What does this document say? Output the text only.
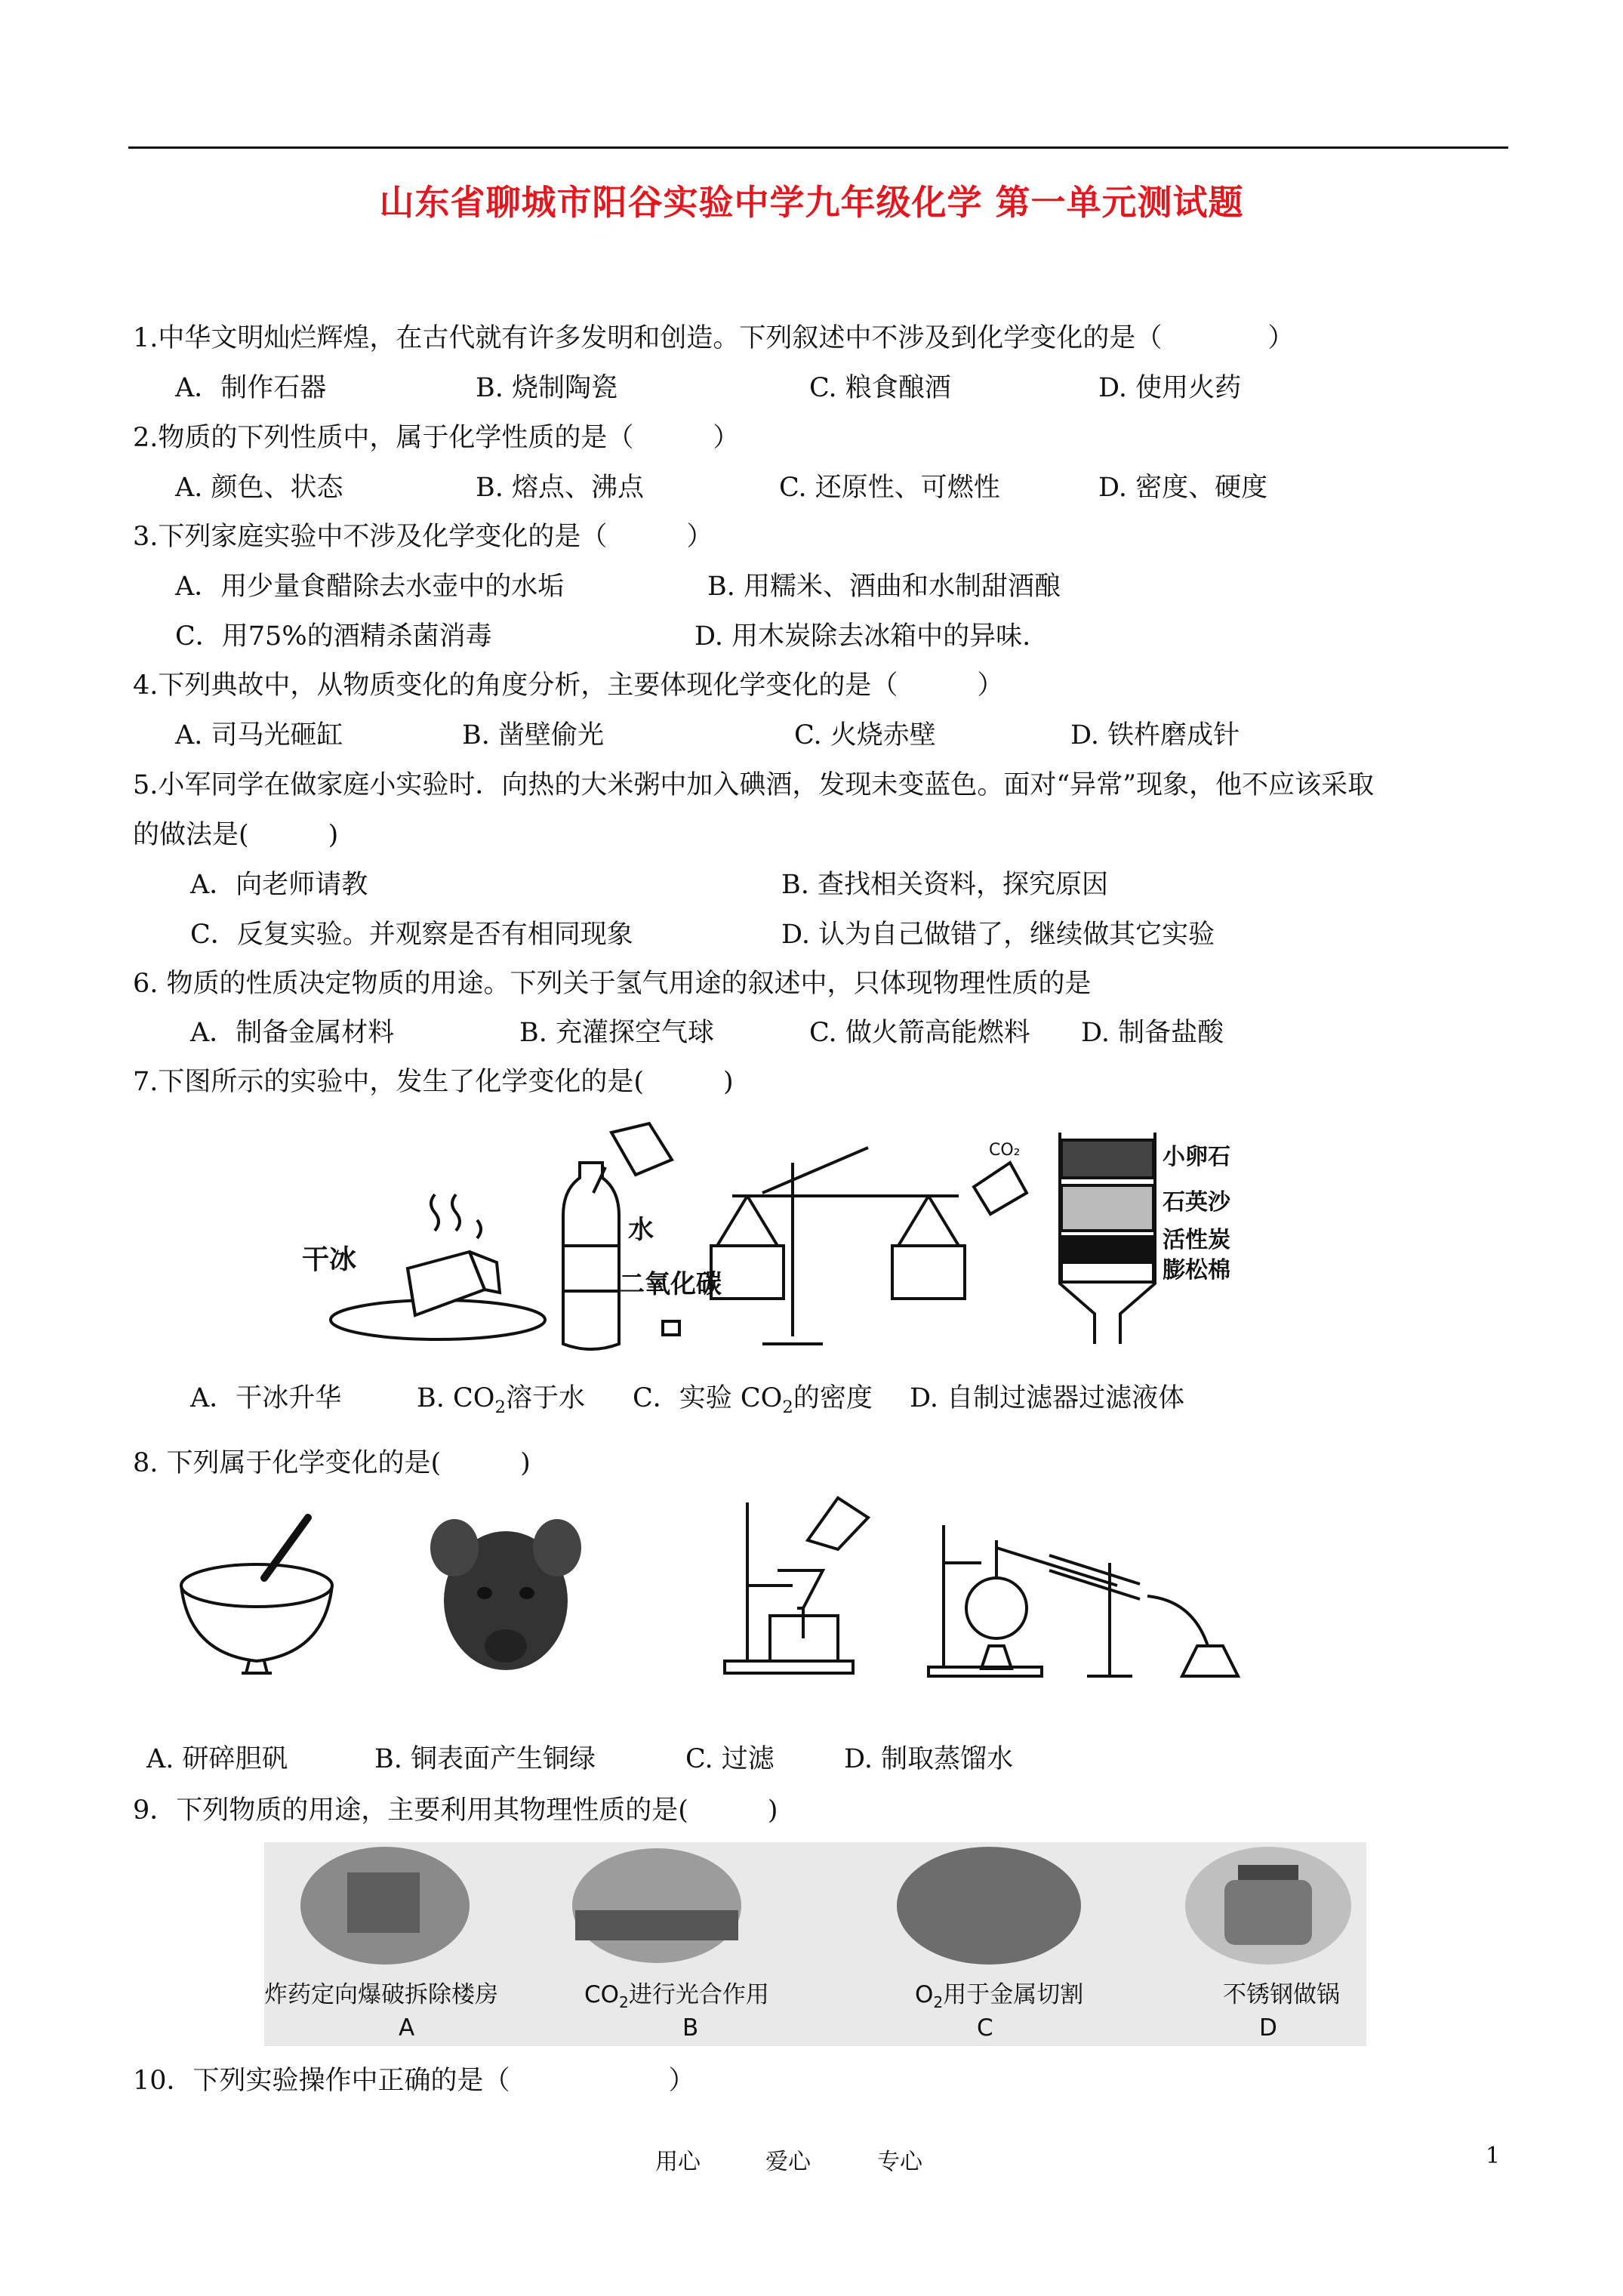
山东省聊城市阳谷实验中学九年级化学 第一单元测试题
1.中华文明灿烂辉煌，在古代就有许多发明和创造。下列叙述中不涉及到化学变化的是（　　　　）
A．制作石器	B. 烧制陶瓷	C. 粮食酿酒	D. 使用火药
2.物质的下列性质中，属于化学性质的是（　　　）
A. 颜色、状态	B. 熔点、沸点	C. 还原性、可燃性	D. 密度、硬度
3.下列家庭实验中不涉及化学变化的是（　　　）
A．用少量食醋除去水壶中的水垢	B. 用糯米、酒曲和水制甜酒酿
C．用75%的酒精杀菌消毒	D. 用木炭除去冰箱中的异味.
4.下列典故中，从物质变化的角度分析，主要体现化学变化的是（　　　）
A. 司马光砸缸	B. 凿壁偷光	C. 火烧赤壁	D. 铁杵磨成针
5.小军同学在做家庭小实验时．向热的大米粥中加入碘酒，发现未变蓝色。面对“异常”现象，他不应该采取
的做法是(　　　)
A．向老师请教	B. 查找相关资料，探究原因
C．反复实验。并观察是否有相同现象	D. 认为自己做错了，继续做其它实验
6. 物质的性质决定物质的用途。下列关于氢气用途的叙述中，只体现物理性质的是
A．制备金属材料	B. 充灌探空气球	C. 做火箭高能燃料 D. 制备盐酸
7.下图所示的实验中，发生了化学变化的是(　　　)
干冰
水
二氧化碳
CO₂	小卵石
石英沙
活性炭
膨松棉
A．干冰升华	B. $CO_2$溶于水 C．实验 $CO_2$的密度 D. 自制过滤器过滤液体
8. 下列属于化学变化的是(　　　)
A. 研碎胆矾	B. 铜表面产生铜绿	C. 过滤	D. 制取蒸馏水
9．下列物质的用途，主要利用其物理性质的是(　　　)
炸药定向爆破拆除楼房	$CO_2$进行光合作用	$O_2$用于金属切割	不锈钢做锅
A	B	C	D
10．下列实验操作中正确的是（　　　　　　）
用心	爱心	专心	1
